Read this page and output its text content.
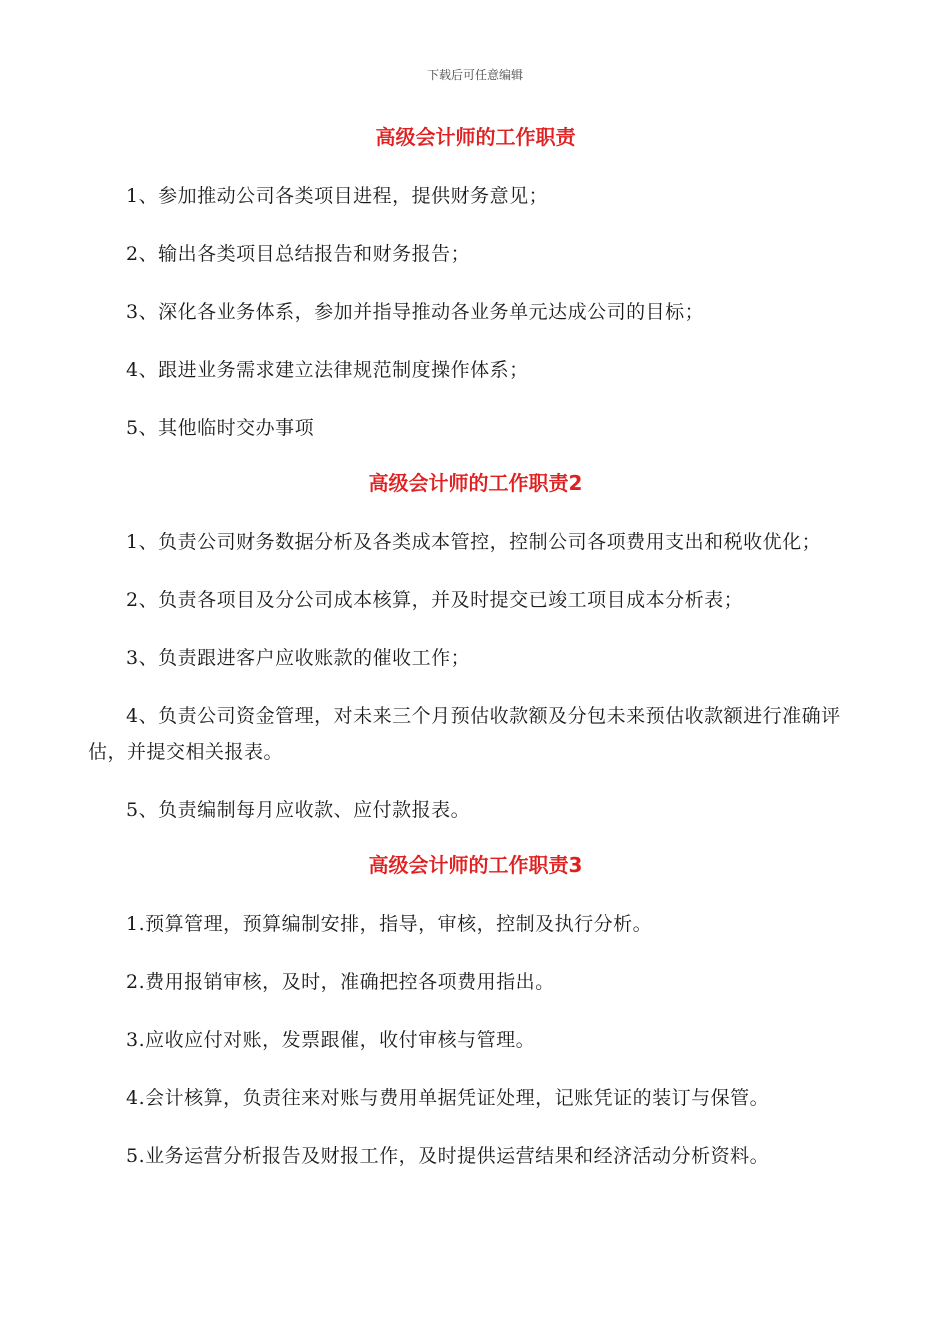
下载后可任意编辑
高级会计师的工作职责

1、参加推动公司各类项目进程，提供财务意见；

2、输出各类项目总结报告和财务报告；

3、深化各业务体系，参加并指导推动各业务单元达成公司的目标；

4、跟进业务需求建立法律规范制度操作体系；

5、其他临时交办事项

高级会计师的工作职责2

1、负责公司财务数据分析及各类成本管控，控制公司各项费用支出和税收优化；

2、负责各项目及分公司成本核算，并及时提交已竣工项目成本分析表；

3、负责跟进客户应收账款的催收工作；

4、负责公司资金管理，对未来三个月预估收款额及分包未来预估收款额进行准确评估，并提交相关报表。

5、负责编制每月应收款、应付款报表。

高级会计师的工作职责3

1.预算管理，预算编制安排，指导，审核，控制及执行分析。

2.费用报销审核，及时，准确把控各项费用指出。

3.应收应付对账，发票跟催，收付审核与管理。

4.会计核算，负责往来对账与费用单据凭证处理，记账凭证的装订与保管。

5.业务运营分析报告及财报工作，及时提供运营结果和经济活动分析资料。
